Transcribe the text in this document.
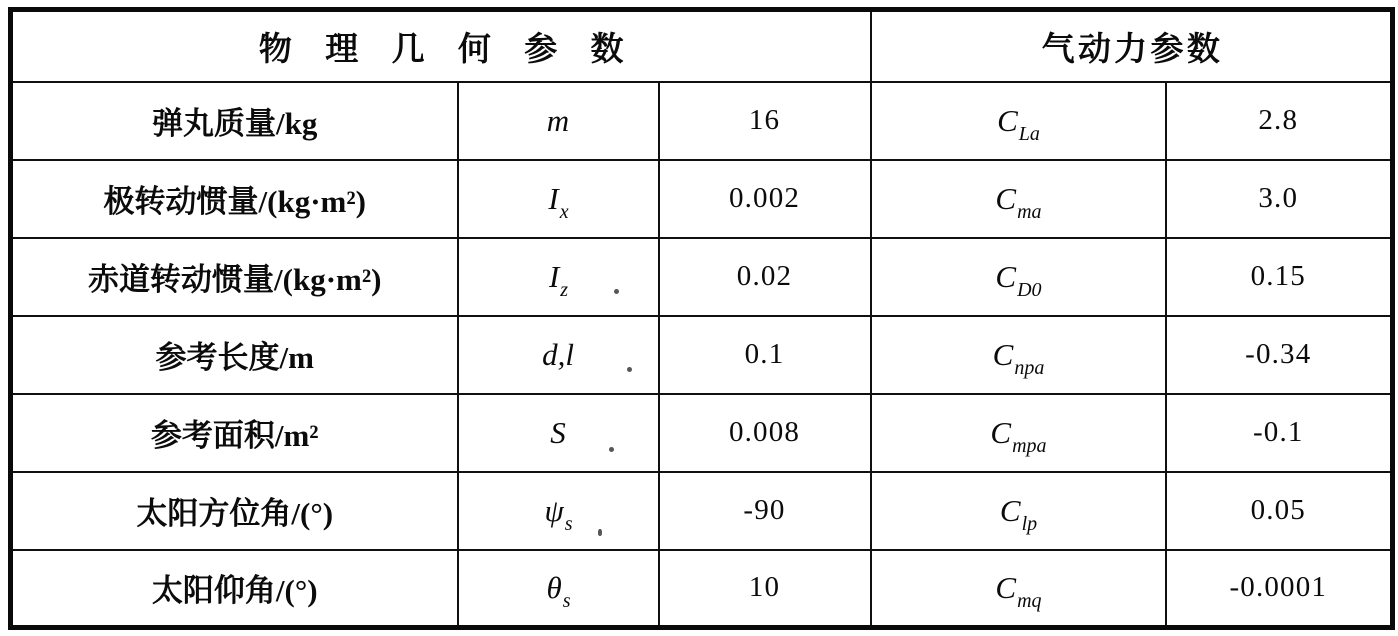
物 理 几 何 参 数			气动力参数	
弹丸质量/kg	m	16	$C_{La}$	2.8
极转动惯量/(kg·m²)	$I_x$	0.002	$C_{ma}$	3.0
赤道转动惯量/(kg·m²)	$I_z$	0.02	$C_{D0}$	0.15
参考长度/m	d,l	0.1	$C_{npa}$	-0.34
参考面积/m²	S	0.008	$C_{mpa}$	-0.1
太阳方位角/(°)	$\psi_s$	-90	$C_{lp}$	0.05
太阳仰角/(°)	$\theta_s$	10	$C_{mq}$	-0.0001
